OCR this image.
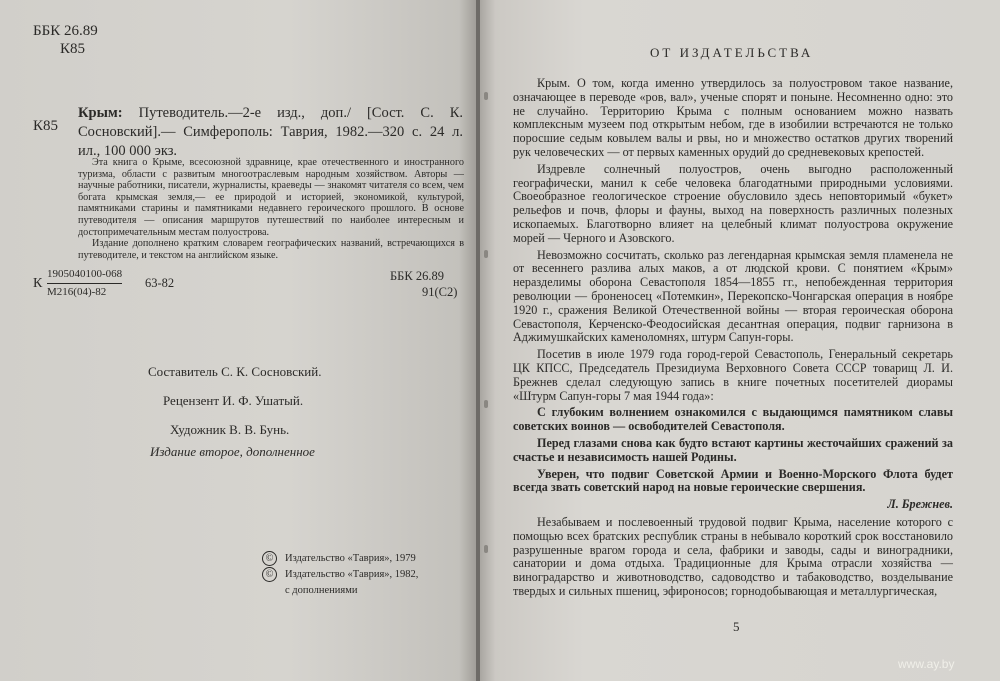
ББК 26.89
К85
К85
Крым: Путеводитель.—2-е изд., доп./ [Сост. С. К. Сосновский].— Симферополь: Таврия, 1982.—320 с. 24 л. ил., 100 000 экз.

Эта книга о Крыме, всесоюзной здравнице, крае отечественного и иностранного туризма, области с развитым многоотраслевым народным хозяйством. Авторы — научные работники, писатели, журналисты, краеведы — знакомят читателя со всем, чем богата крымская земля,— ее природой и историей, экономикой, культурой, памятниками старины и памятниками недавнего героического прошлого. В основе путеводителя — описания маршрутов путешествий по наиболее интересным и достопримечательным местам полуострова.

Издание дополнено кратким словарем географических названий, встречающихся в путеводителе, и текстом на английском языке.

К
1905040100-068
М216(04)-82
63-82	ББК 26.89
91(С2)
Составитель С. К. Сосновский.
Рецензент И. Ф. Ушатый.
Художник В. В. Бунь.
Издание второе, дополненное
© Издательство «Таврия», 1979
© Издательство «Таврия», 1982,
с дополнениями
ОТ ИЗДАТЕЛЬСТВА

Крым. О том, когда именно утвердилось за полуостровом такое название, означающее в переводе «ров, вал», ученые спорят и поныне. Несомненно одно: это не случайно. Территорию Крыма с полным основанием можно назвать комплексным музеем под открытым небом, где в изобилии встречаются не только поросшие седым ковылем валы и рвы, но и множество остатков других творений рук человеческих — от первых каменных орудий до средневековых крепостей.

Издревле солнечный полуостров, очень выгодно расположенный географически, манил к себе человека благодатными природными условиями. Своеобразное геологическое строение обусловило здесь неповторимый «букет» рельефов и почв, флоры и фауны, выход на поверхность различных полезных ископаемых. Благотворно влияет на целебный климат полуострова окружение морей — Черного и Азовского.

Невозможно сосчитать, сколько раз легендарная крымская земля пламенела не от весеннего разлива алых маков, а от людской крови. С понятием «Крым» неразделимы оборона Севастополя 1854—1855 гг., непобежденная территория революции — броненосец «Потемкин», Перекопско-Чонгарская операция в ноябре 1920 г., сражения Великой Отечественной войны — вторая героическая оборона Севастополя, Керченско-Феодосийская десантная операция, подвиг гарнизона в Аджимушкайских каменоломнях, штурм Сапун-горы.

Посетив в июле 1979 года город-герой Севастополь, Генеральный секретарь ЦК КПСС, Председатель Президиума Верховного Совета СССР товарищ Л. И. Брежнев сделал следующую запись в книге почетных посетителей диорамы «Штурм Сапун-горы 7 мая 1944 года»:

С глубоким волнением ознакомился с выдающимся памятником славы советских воинов — освободителей Севастополя.

Перед глазами снова как будто встают картины жесточайших сражений за счастье и независимость нашей Родины.

Уверен, что подвиг Советской Армии и Военно-Морского Флота будет всегда звать советский народ на новые героические свершения.

Л. Брежнев.

Незабываем и послевоенный трудовой подвиг Крыма, население которого с помощью всех братских республик страны в небывало короткий срок восстановило разрушенные врагом города и села, фабрики и заводы, сады и виноградники, санатории и дома отдыха. Традиционные для Крыма отрасли хозяйства — виноградарство и животноводство, садоводство и табаководство, возделывание твердых и сильных пшениц, эфироносов; горнодобывающая и металлургическая,

5
www.ay.by
